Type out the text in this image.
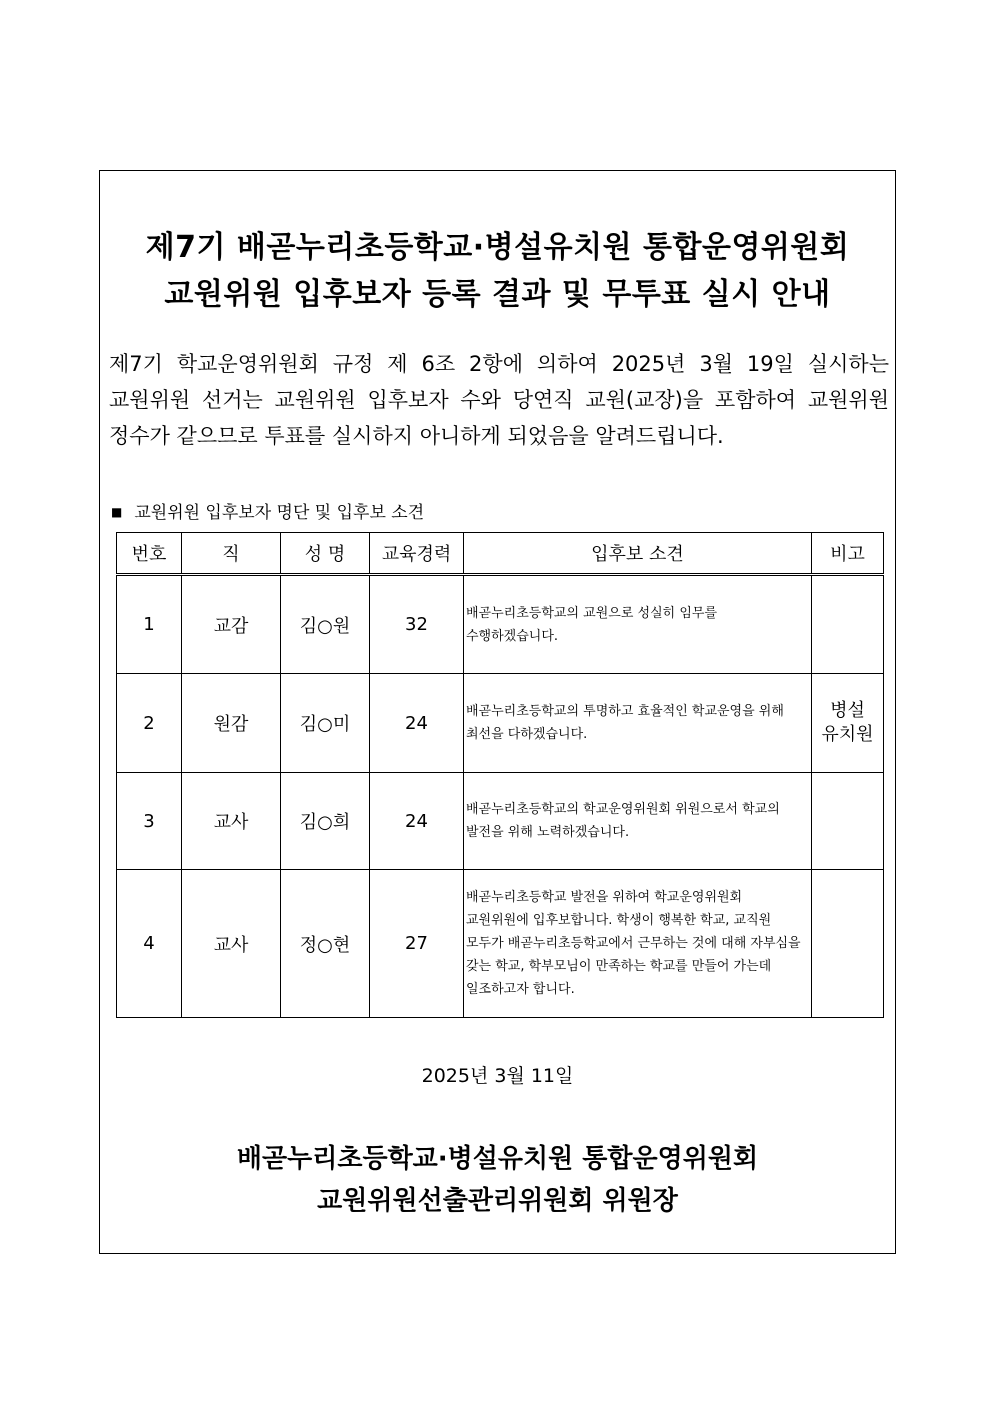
제7기 배곧누리초등학교·병설유치원 통합운영위원회
교원위원 입후보자 등록 결과 및 무투표 실시 안내
제7기 학교운영위원회 규정 제 6조 2항에 의하여 2025년 3월 19일 실시하는 교원위원 선거는 교원위원 입후보자 수와 당연직 교원(교장)을 포함하여 교원위원 정수가 같으므로 투표를 실시하지 아니하게 되었음을 알려드립니다.
■ 교원위원 입후보자 명단 및 입후보 소견
번호	직	성 명	교육경력	입후보 소견	비고
1	교감	김○원	32	배곧누리초등학교의 교원으로 성실히 임무를 수행하겠습니다.	
2	원감	김○미	24	배곧누리초등학교의 투명하고 효율적인 학교운영을 위해 최선을 다하겠습니다.	병설
유치원
3	교사	김○희	24	배곧누리초등학교의 학교운영위원회 위원으로서 학교의 발전을 위해 노력하겠습니다.	
4	교사	정○현	27	배곧누리초등학교 발전을 위하여 학교운영위원회 교원위원에 입후보합니다. 학생이 행복한 학교, 교직원 모두가 배곧누리초등학교에서 근무하는 것에 대해 자부심을 갖는 학교, 학부모님이 만족하는 학교를 만들어 가는데 일조하고자 합니다.	
2025년 3월 11일
배곧누리초등학교·병설유치원 통합운영위원회
교원위원선출관리위원회 위원장
